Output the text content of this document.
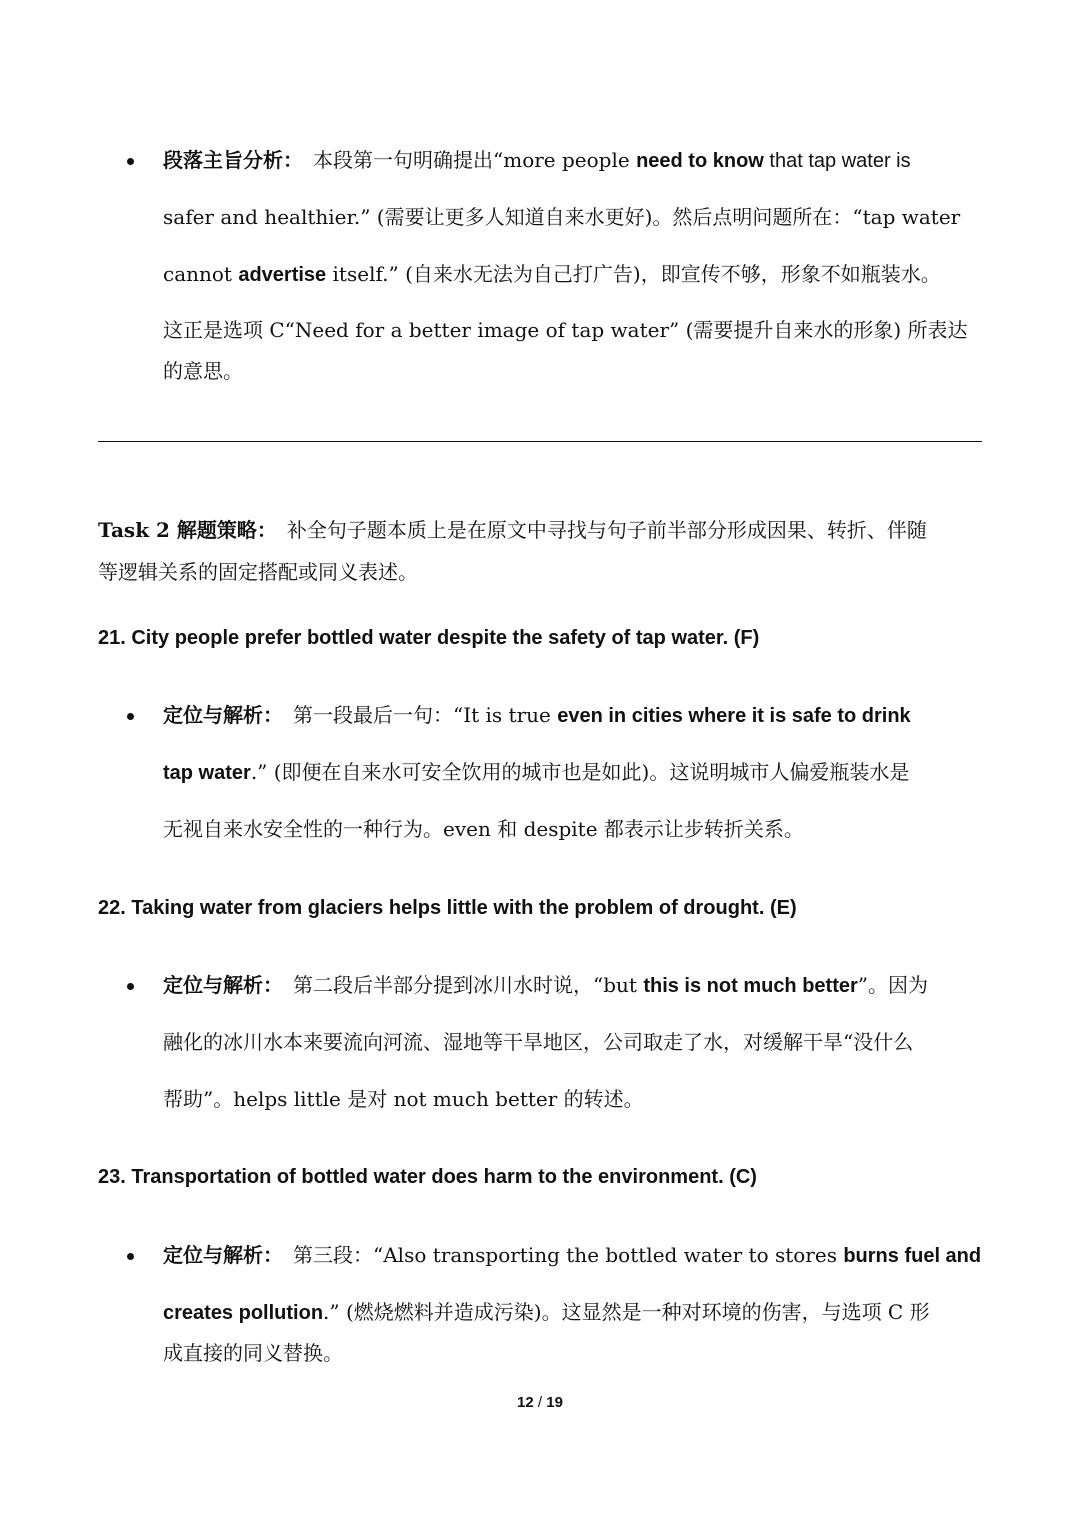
段落主旨分析： 本段第一句明确提出“more people need to know that tap water is
safer and healthier.” (需要让更多人知道自来水更好)。然后点明问题所在：“tap water
cannot advertise itself.” (自来水无法为自己打广告)，即宣传不够，形象不如瓶装水。
这正是选项 C“Need for a better image of tap water” (需要提升自来水的形象) 所表达
的意思。
Task 2 解题策略： 补全句子题本质上是在原文中寻找与句子前半部分形成因果、转折、伴随
等逻辑关系的固定搭配或同义表述。
21. City people prefer bottled water despite the safety of tap water. (F)
定位与解析： 第一段最后一句：“It is true even in cities where it is safe to drink
tap water.” (即便在自来水可安全饮用的城市也是如此)。这说明城市人偏爱瓶装水是
无视自来水安全性的一种行为。even 和 despite 都表示让步转折关系。
22. Taking water from glaciers helps little with the problem of drought. (E)
定位与解析： 第二段后半部分提到冰川水时说，“but this is not much better”。因为
融化的冰川水本来要流向河流、湿地等干旱地区，公司取走了水，对缓解干旱“没什么
帮助”。helps little 是对 not much better 的转述。
23. Transportation of bottled water does harm to the environment. (C)
定位与解析： 第三段：“Also transporting the bottled water to stores burns fuel and
creates pollution.” (燃烧燃料并造成污染)。这显然是一种对环境的伤害，与选项 C 形
成直接的同义替换。
12 / 19
